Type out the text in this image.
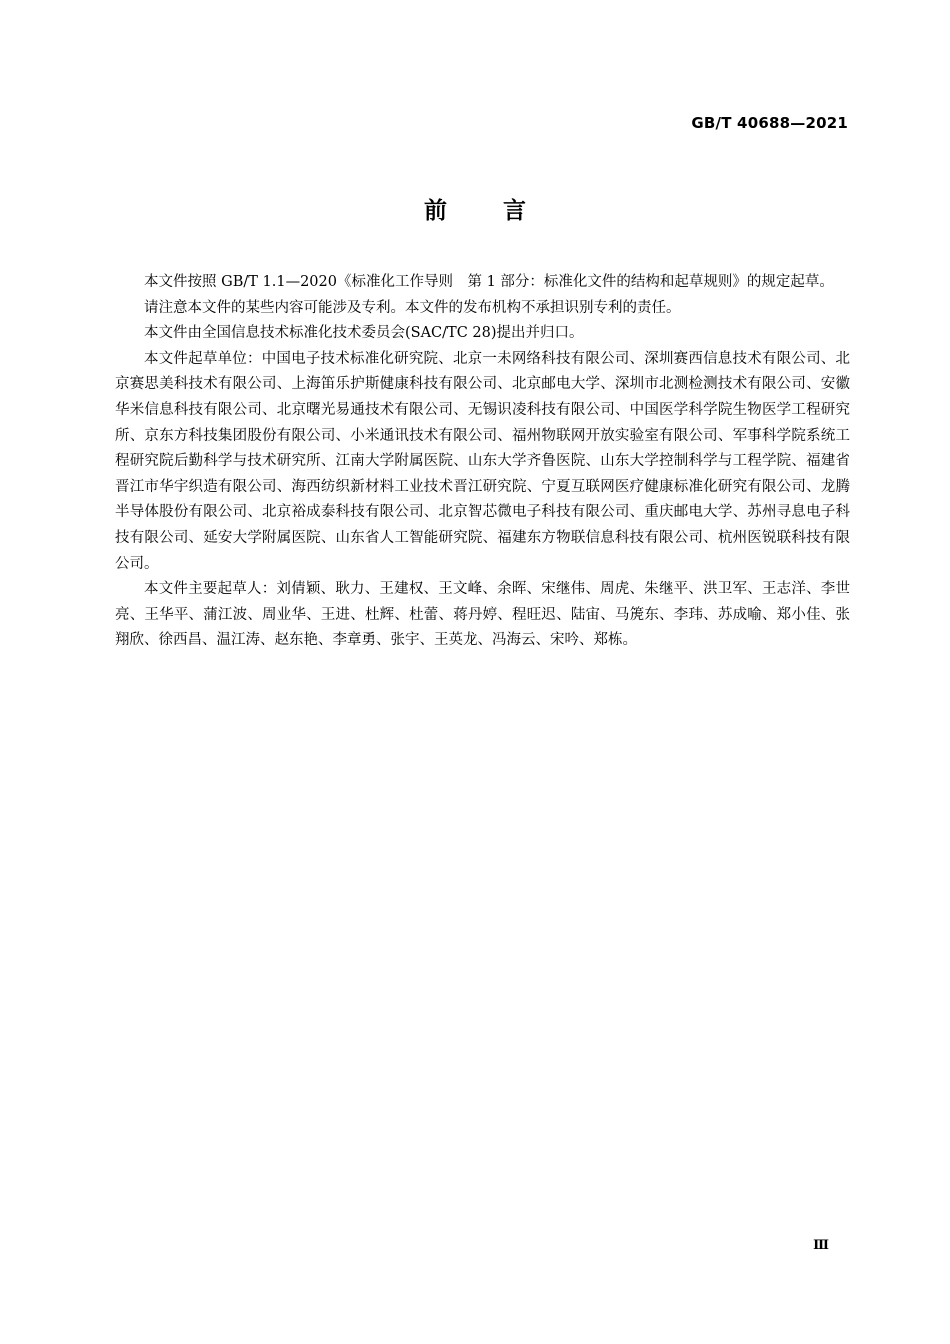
GB/T 40688—2021
前言

本文件按照 GB/T 1.1—2020《标准化工作导则　第 1 部分：标准化文件的结构和起草规则》的规定起草。

请注意本文件的某些内容可能涉及专利。本文件的发布机构不承担识别专利的责任。

本文件由全国信息技术标准化技术委员会(SAC/TC 28)提出并归口。

本文件起草单位：中国电子技术标准化研究院、北京一未网络科技有限公司、深圳赛西信息技术有限公司、北京赛思美科技术有限公司、上海笛乐护斯健康科技有限公司、北京邮电大学、深圳市北测检测技术有限公司、安徽华米信息科技有限公司、北京曙光易通技术有限公司、无锡识凌科技有限公司、中国医学科学院生物医学工程研究所、京东方科技集团股份有限公司、小米通讯技术有限公司、福州物联网开放实验室有限公司、军事科学院系统工程研究院后勤科学与技术研究所、江南大学附属医院、山东大学齐鲁医院、山东大学控制科学与工程学院、福建省晋江市华宇织造有限公司、海西纺织新材料工业技术晋江研究院、宁夏互联网医疗健康标准化研究有限公司、龙腾半导体股份有限公司、北京裕成泰科技有限公司、北京智芯微电子科技有限公司、重庆邮电大学、苏州寻息电子科技有限公司、延安大学附属医院、山东省人工智能研究院、福建东方物联信息科技有限公司、杭州医锐联科技有限公司。

本文件主要起草人：刘倩颖、耿力、王建权、王文峰、余晖、宋继伟、周虎、朱继平、洪卫军、王志洋、李世亮、王华平、蒲江波、周业华、王进、杜辉、杜蕾、蒋丹婷、程旺迟、陆宙、马箎东、李玮、苏成喻、郑小佳、张翔欣、徐西昌、温江涛、赵东艳、李章勇、张宇、王英龙、冯海云、宋吟、郑栋。

Ⅲ
